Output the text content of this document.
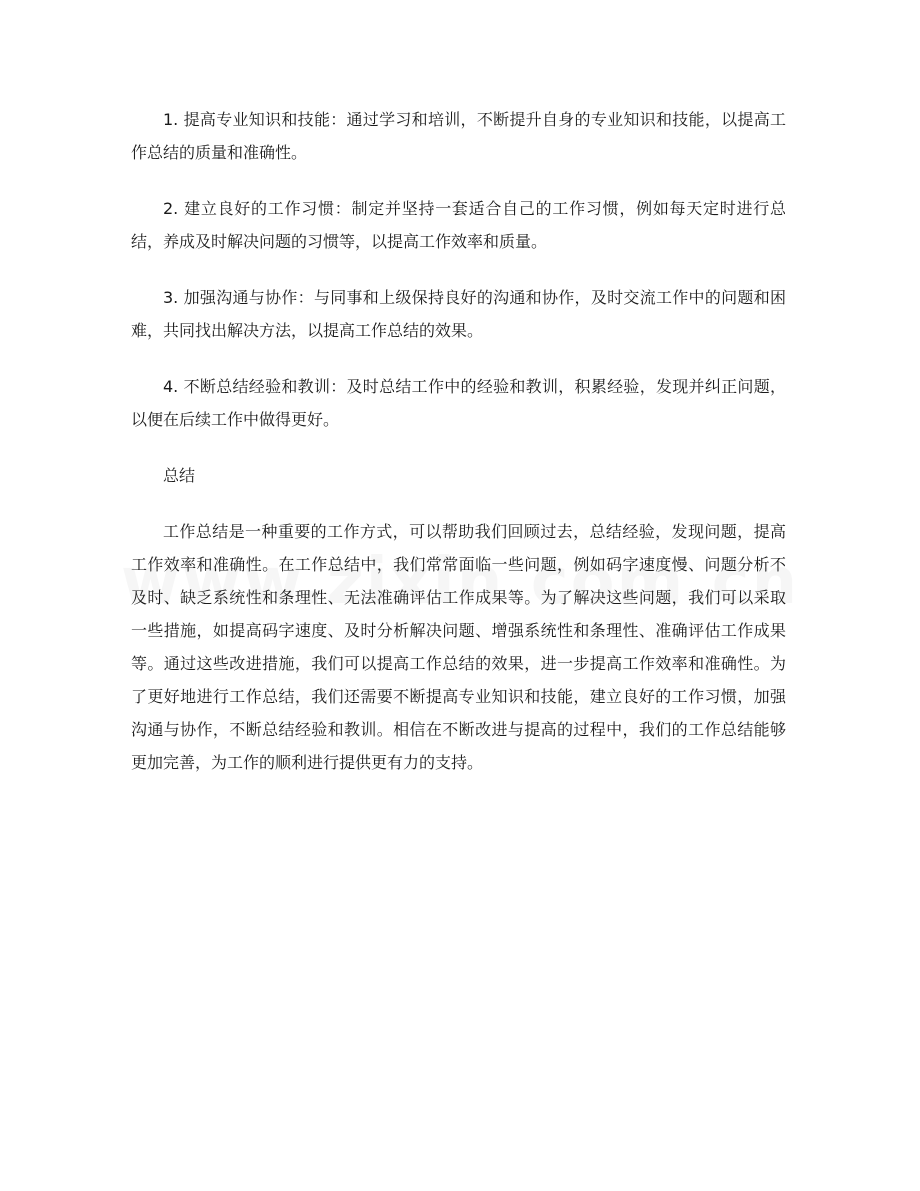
1. 提高专业知识和技能：通过学习和培训，不断提升自身的专业知识和技能，以提高工作总结的质量和准确性。

2. 建立良好的工作习惯：制定并坚持一套适合自己的工作习惯，例如每天定时进行总结，养成及时解决问题的习惯等，以提高工作效率和质量。

3. 加强沟通与协作：与同事和上级保持良好的沟通和协作，及时交流工作中的问题和困难，共同找出解决方法，以提高工作总结的效果。

4. 不断总结经验和教训：及时总结工作中的经验和教训，积累经验，发现并纠正问题，以便在后续工作中做得更好。

总结

工作总结是一种重要的工作方式，可以帮助我们回顾过去，总结经验，发现问题，提高工作效率和准确性。在工作总结中，我们常常面临一些问题，例如码字速度慢、问题分析不及时、缺乏系统性和条理性、无法准确评估工作成果等。为了解决这些问题，我们可以采取一些措施，如提高码字速度、及时分析解决问题、增强系统性和条理性、准确评估工作成果等。通过这些改进措施，我们可以提高工作总结的效果，进一步提高工作效率和准确性。为了更好地进行工作总结，我们还需要不断提高专业知识和技能，建立良好的工作习惯，加强沟通与协作，不断总结经验和教训。相信在不断改进与提高的过程中，我们的工作总结能够更加完善，为工作的顺利进行提供更有力的支持。
